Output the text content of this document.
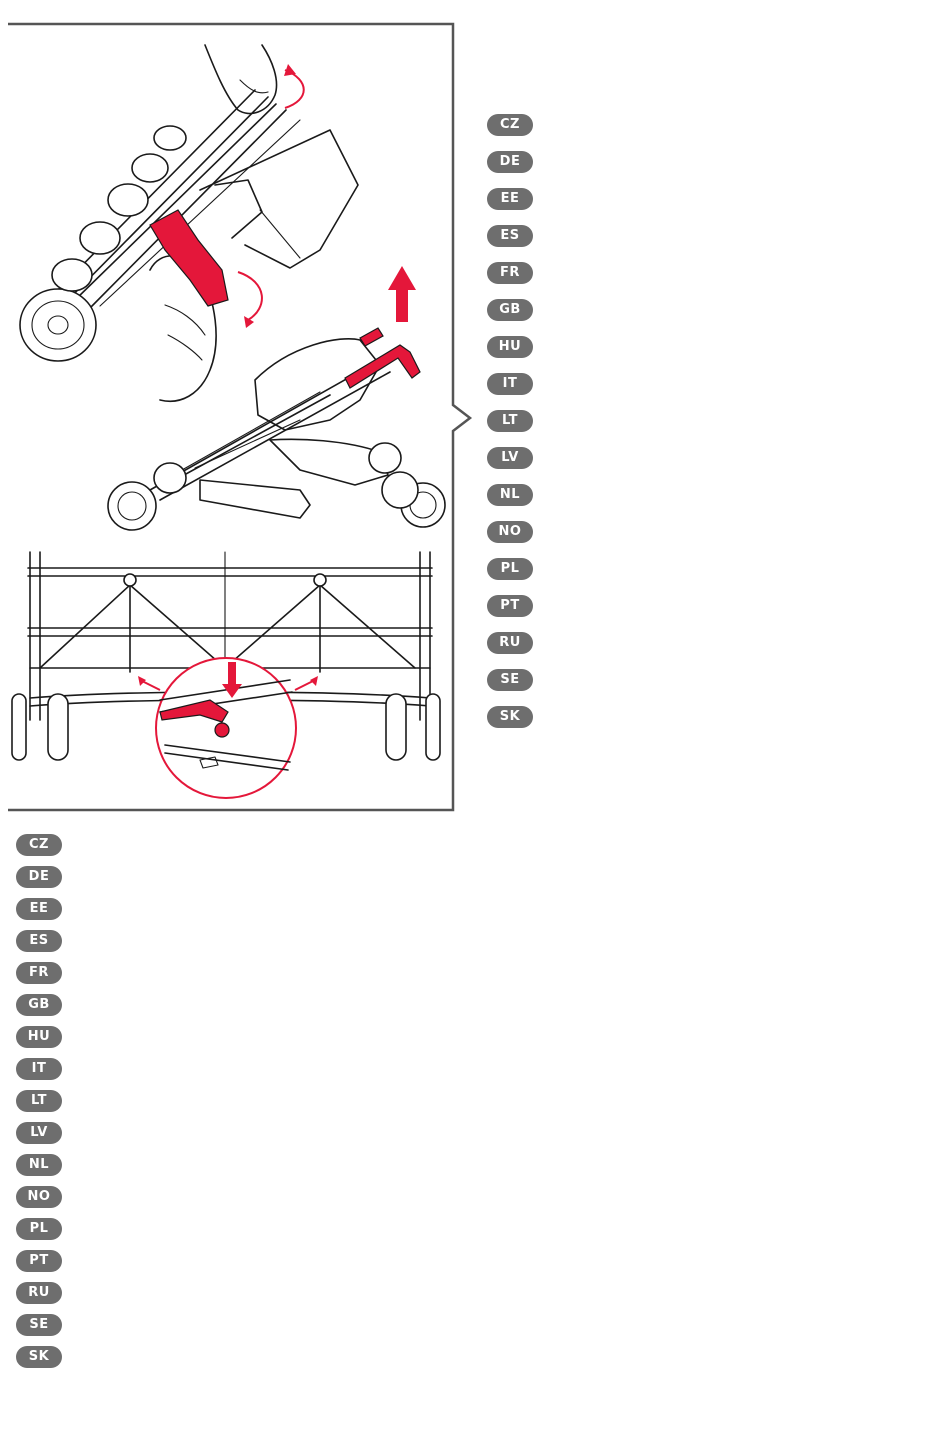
CZ
DE
EE
ES
FR
GB
HU
IT
LT
LV
NL
NO
PL
PT
RU
SE
SK
CZ
DE
EE
ES
FR
GB
HU
IT
LT
LV
NL
NO
PL
PT
RU
SE
SK
